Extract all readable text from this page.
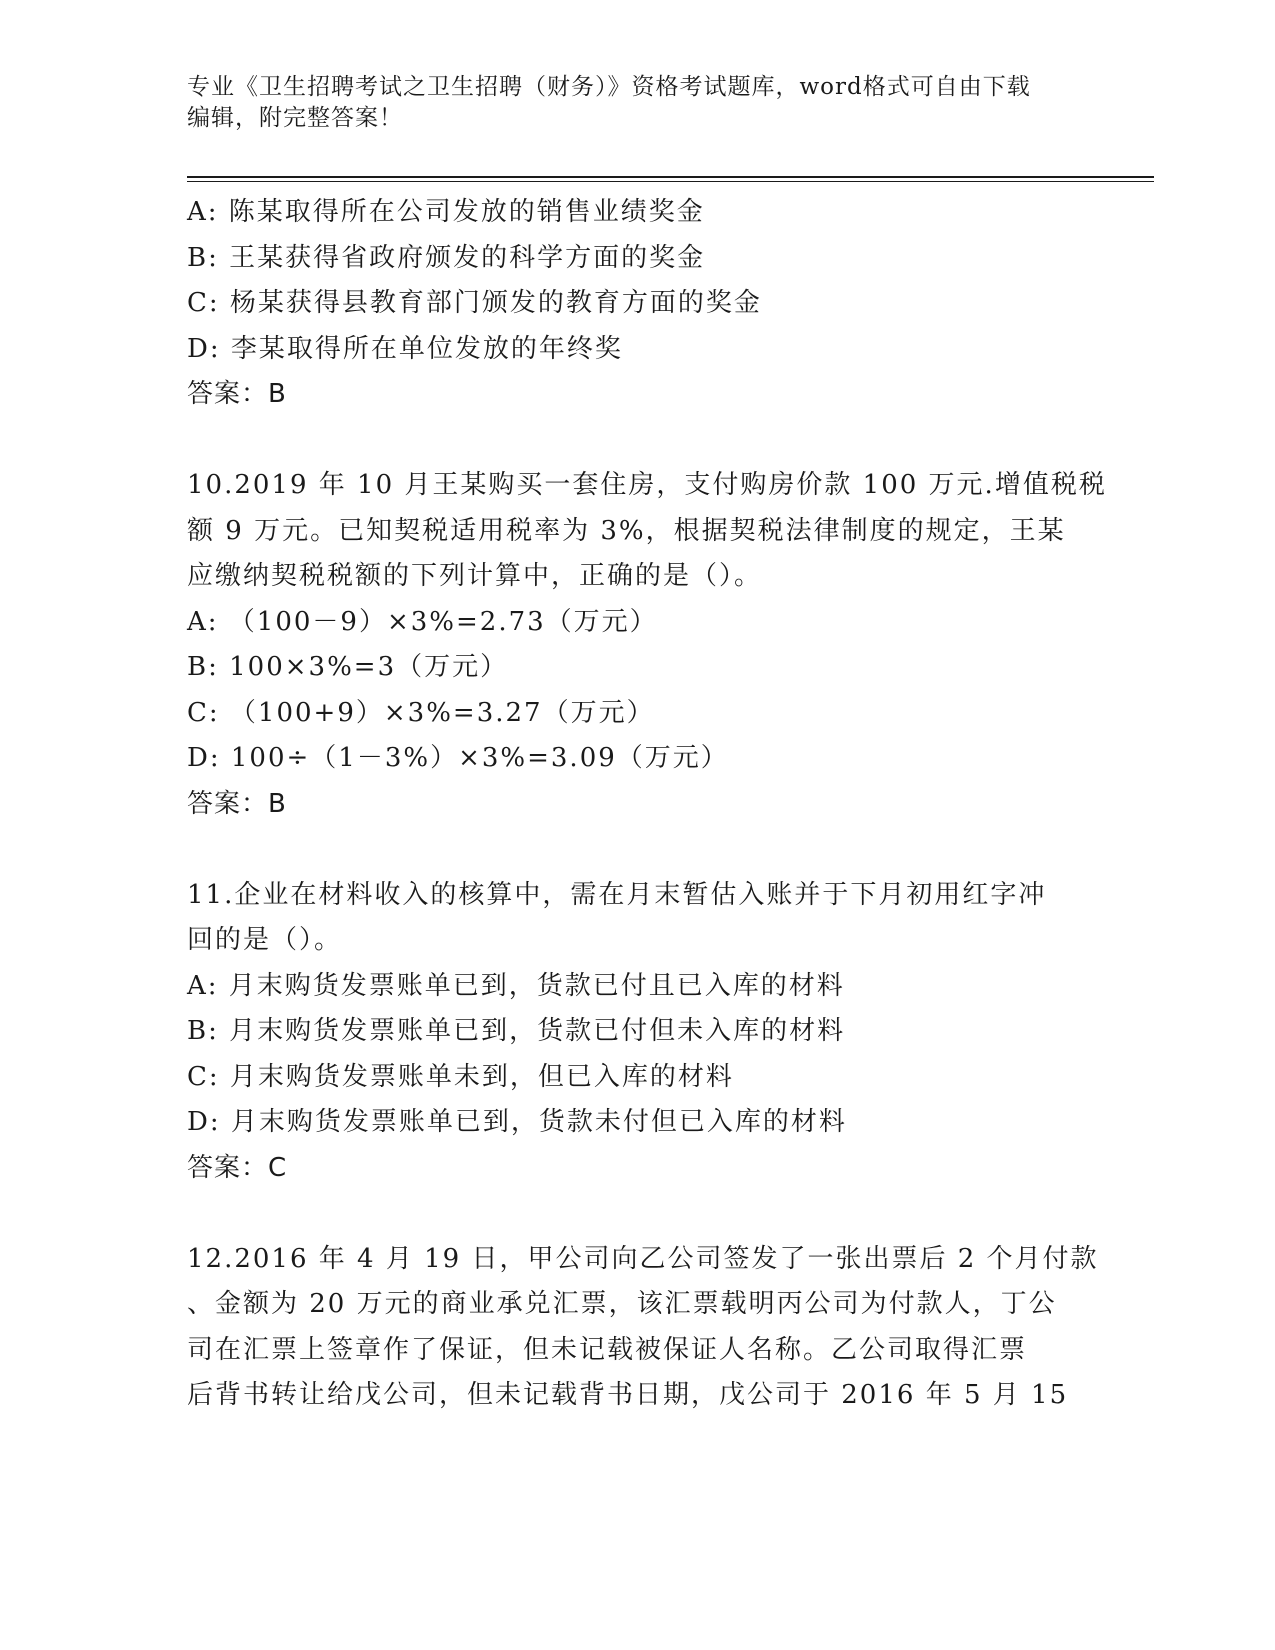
专业《卫生招聘考试之卫生招聘（财务）》资格考试题库，word格式可自由下载
编辑，附完整答案！
A: 陈某取得所在公司发放的销售业绩奖金
B: 王某获得省政府颁发的科学方面的奖金
C: 杨某获得县教育部门颁发的教育方面的奖金
D: 李某取得所在单位发放的年终奖
答案：B
10.2019 年 10 月王某购买一套住房，支付购房价款 100 万元.增值税税
额 9 万元。已知契税适用税率为 3%，根据契税法律制度的规定，王某
应缴纳契税税额的下列计算中，正确的是（）。
A: （100－9）×3%=2.73（万元）
B: 100×3%=3（万元）
C: （100+9）×3%=3.27（万元）
D: 100÷（1－3%）×3%=3.09（万元）
答案：B
11.企业在材料收入的核算中，需在月末暂估入账并于下月初用红字冲
回的是（）。
A: 月末购货发票账单已到，货款已付且已入库的材料
B: 月末购货发票账单已到，货款已付但未入库的材料
C: 月末购货发票账单未到，但已入库的材料
D: 月末购货发票账单已到，货款未付但已入库的材料
答案：C
12.2016 年 4 月 19 日，甲公司向乙公司签发了一张出票后 2 个月付款
、金额为 20 万元的商业承兑汇票，该汇票载明丙公司为付款人，丁公
司在汇票上签章作了保证，但未记载被保证人名称。乙公司取得汇票
后背书转让给戊公司，但未记载背书日期，戊公司于 2016 年 5 月 15
